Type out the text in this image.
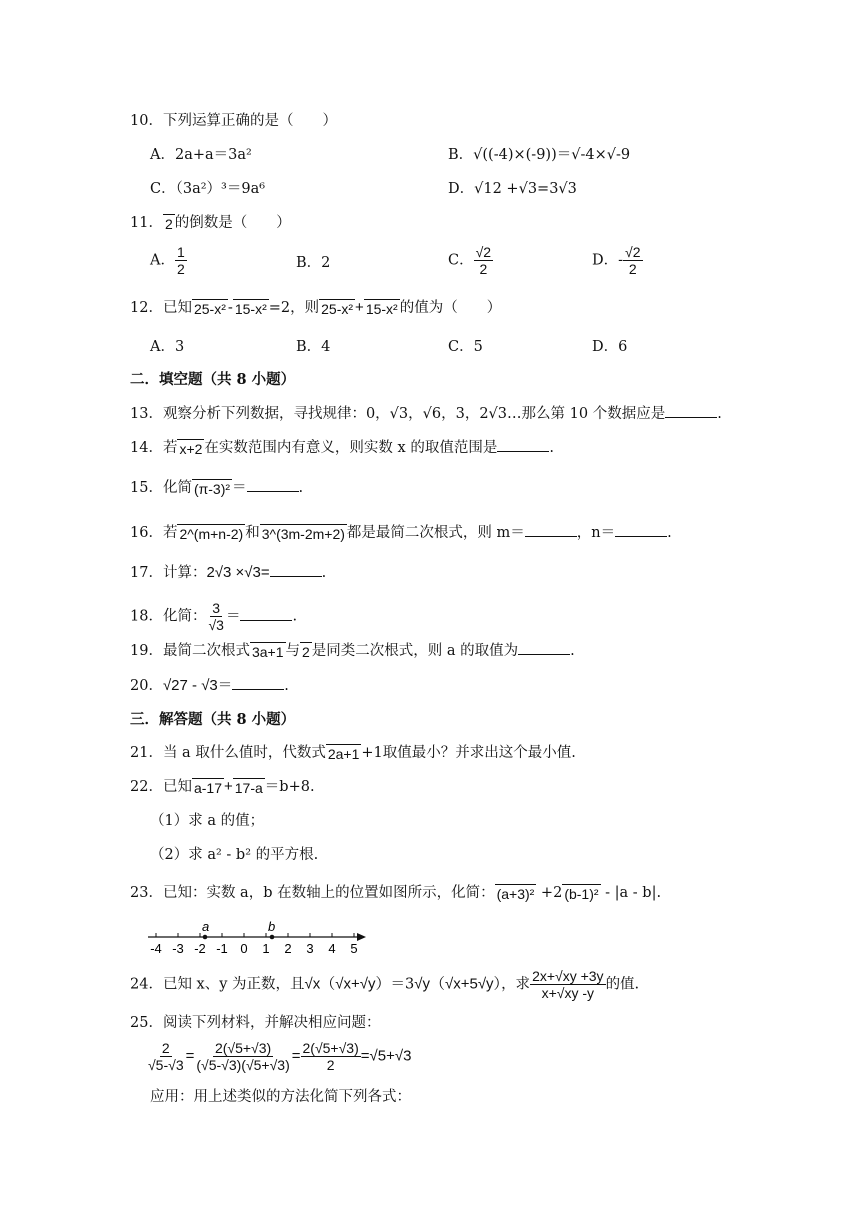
10．下列运算正确的是（　　）
A．2a+a＝3a²	B．√((-4)×(-9))＝√-4×√-9
C．（3a²）³＝9a⁶	D．√12 +√3=3√3
11． 2 的倒数是（　　）
A． $\frac{1}{2}$	B．2	C． $\frac{√2}{2}$	D．- $\frac{√2}{2}$
12．已知 25-x² - 15-x² =2，则 25-x² + 15-x² 的值为（　　）
A．3	B．4	C．5	D．6
二．填空题（共 8 小题）
13．观察分析下列数据，寻找规律：0，√3，√6，3，2√3…那么第 10 个数据应是	.
14．若 x+2 在实数范围内有意义，则实数 x 的取值范围是	.
15．化简 (π-3)² ＝	.
16．若 2^(m+n-2) 和 3^(3m-2m+2) 都是最简二次根式，则 m＝	，n＝	.
17．计算：2√3 ×√3=	.
18．化简： $\frac{3}{√3}$ ＝	.
19．最简二次根式 3a+1 与 2 是同类二次根式，则 a 的取值为	.
20．√27 - √3＝	.
三．解答题（共 8 小题）
21．当 a 取什么值时，代数式 2a+1 +1取值最小？并求出这个最小值.
22．已知 a-17 + 17-a ＝b+8.
（1）求 a 的值；
（2）求 a² - b² 的平方根.
23．已知：实数 a，b 在数轴上的位置如图所示，化简： (a+3)² +2 (b-1)² - |a - b|.
-4 -3 -2 -1 0 1 2 3 4 5
a	b
24．已知 x、y 为正数，且√x（√x+√y）＝3√y（√x+5√y），求 $\frac{2x+√xy +3y}{x+√xy -y}$ 的值.
25．阅读下列材料，并解决相应问题：
$\frac{2}{√5-√3} = \frac{2(√5+√3)}{(√5-√3)(√5+√3)} = \frac{2(√5+√3)}{2} =√5+√3$
应用：用上述类似的方法化简下列各式：
